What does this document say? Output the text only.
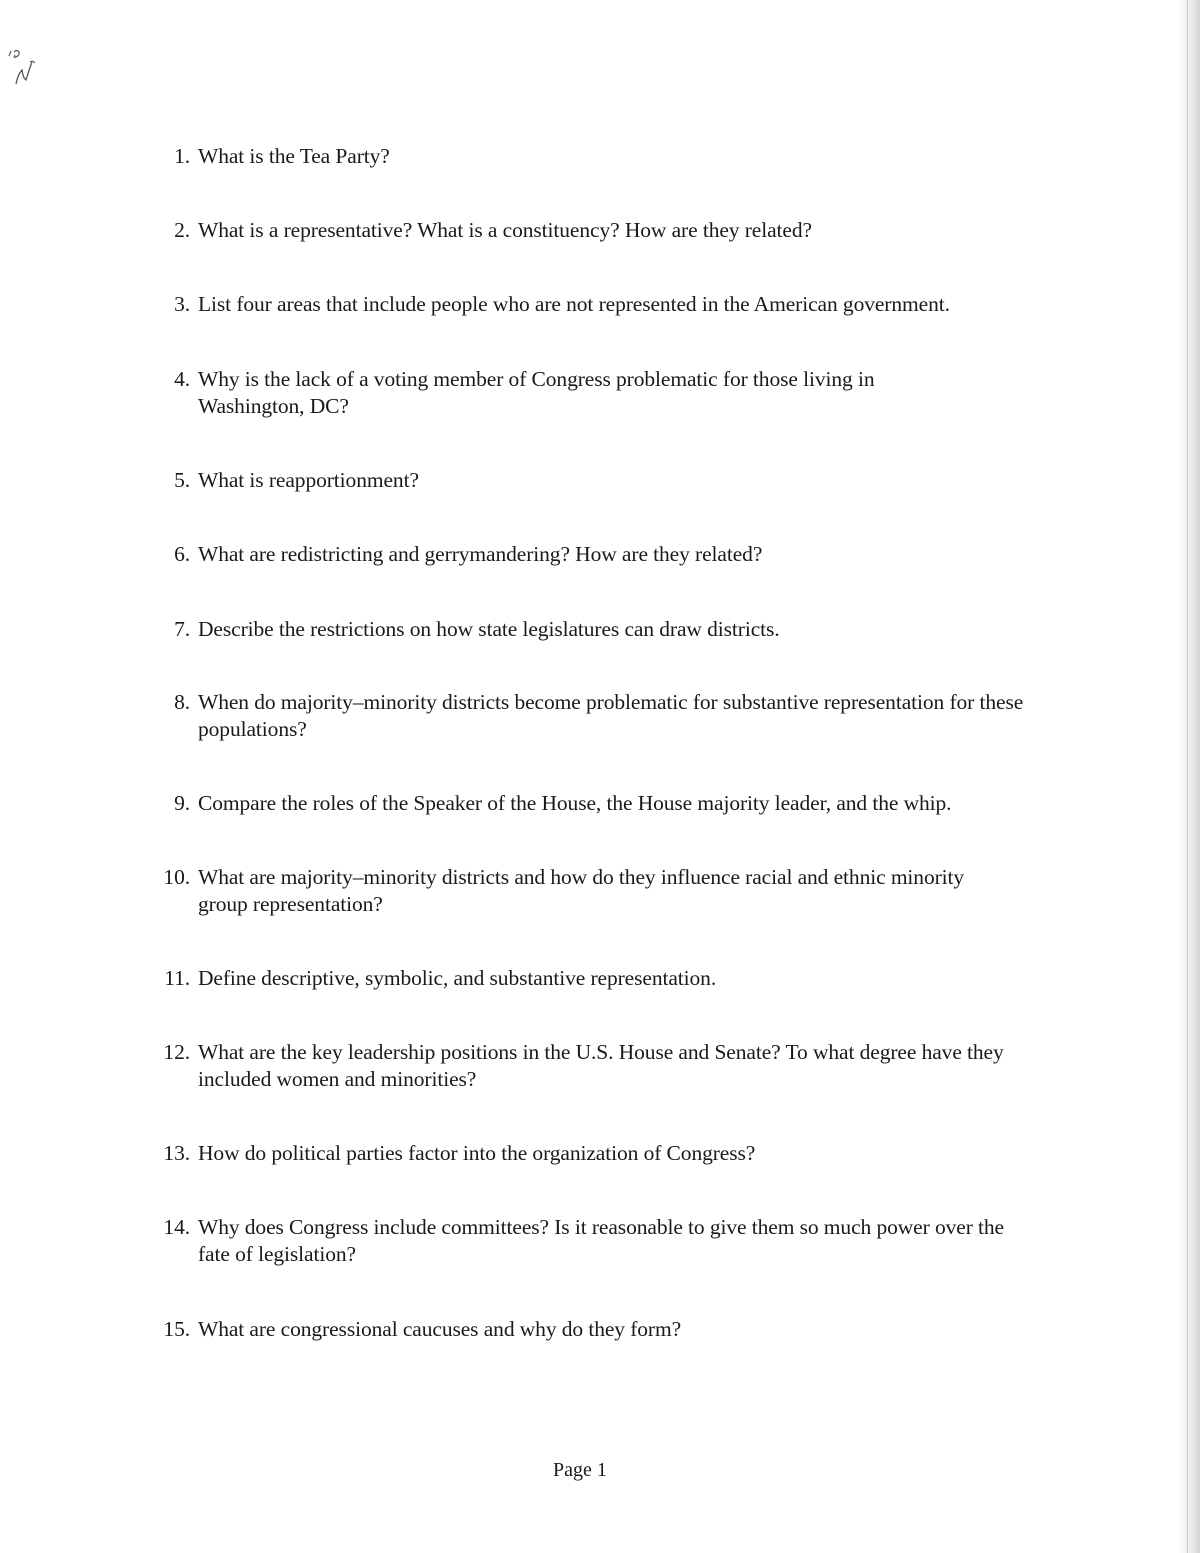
1. What is the Tea Party?
2. What is a representative? What is a constituency? How are they related?
3. List four areas that include people who are not represented in the American government.
4. Why is the lack of a voting member of Congress problematic for those living in Washington, DC?
5. What is reapportionment?
6. What are redistricting and gerrymandering? How are they related?
7. Describe the restrictions on how state legislatures can draw districts.
8. When do majority–minority districts become problematic for substantive representation for these populations?
9. Compare the roles of the Speaker of the House, the House majority leader, and the whip.
10. What are majority–minority districts and how do they influence racial and ethnic minority group representation?
11. Define descriptive, symbolic, and substantive representation.
12. What are the key leadership positions in the U.S. House and Senate? To what degree have they included women and minorities?
13. How do political parties factor into the organization of Congress?
14. Why does Congress include committees? Is it reasonable to give them so much power over the fate of legislation?
15. What are congressional caucuses and why do they form?
Page 1
